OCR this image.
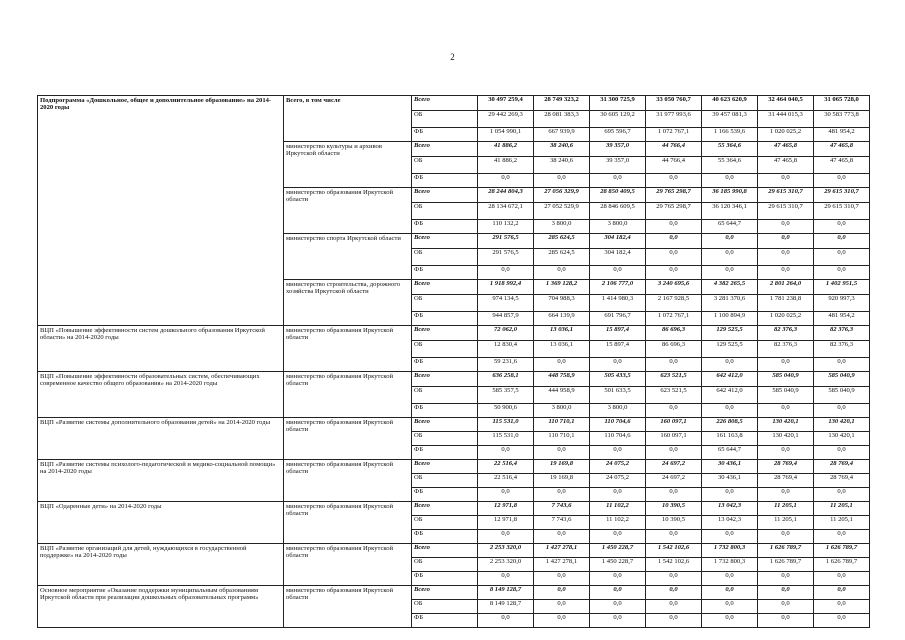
2
Подпрограмма «Дошкольное, общее и дополнительное образование» на 2014-2020 годы	Всего, в том числе	Всего	30 497 259,4	28 749 323,2	31 300 725,9	33 050 760,7	40 623 620,9	32 464 040,5	31 065 728,0
		ОБ	29 442 269,3	28 081 383,3	30 605 129,2	31 977 993,6	39 457 081,3	31 444 015,3	30 583 773,8
		ФБ	1 054 990,1	667 939,9	695 596,7	1 072 767,1	1 166 539,6	1 020 025,2	481 954,2
	министерство культуры и архивов Иркутской области	Всего	41 886,2	38 240,6	39 357,0	44 766,4	55 364,6	47 465,8	47 465,8
		ОБ	41 886,2	38 240,6	39 357,0	44 766,4	55 364,6	47 465,8	47 465,8
		ФБ	0,0	0,0	0,0	0,0	0,0	0,0	0,0
	министерство образования Иркутской области	Всего	28 244 804,3	27 056 329,9	28 850 409,5	29 765 298,7	36 185 990,8	29 615 310,7	29 615 310,7
		ОБ	28 134 672,1	27 052 529,9	28 846 609,5	29 765 298,7	36 120 346,1	29 615 310,7	29 615 310,7
		ФБ	110 132,2	3 800,0	3 800,0	0,0	65 644,7	0,0	0,0
	министерство спорта Иркутской области	Всего	291 576,5	285 624,5	304 182,4	0,0	0,0	0,0	0,0
		ОБ	291 576,5	285 624,5	304 182,4	0,0	0,0	0,0	0,0
		ФБ	0,0	0,0	0,0	0,0	0,0	0,0	0,0
	министерство строительства, дорожного хозяйства Иркутской области	Всего	1 918 992,4	1 369 128,2	2 106 777,0	3 240 695,6	4 382 265,5	2 801 264,0	1 402 951,5
		ОБ	974 134,5	704 988,3	1 414 980,3	2 167 928,5	3 281 370,6	1 781 238,8	920 997,3
		ФБ	944 857,9	664 139,9	691 796,7	1 072 767,1	1 100 894,9	1 020 025,2	481 954,2
ВЦП «Повышение эффективности систем дошкольного образования Иркутской области» на 2014-2020 годы	министерство образования Иркутской области	Всего	72 062,0	13 036,1	15 897,4	86 696,3	129 525,5	82 376,3	82 376,3
		ОБ	12 830,4	13 036,1	15 897,4	86 696,3	129 525,5	82 376,3	82 376,3
		ФБ	59 231,6	0,0	0,0	0,0	0,0	0,0	0,0
ВЦП «Повышение эффективности образовательных систем, обеспечивающих современное качество общего образования» на 2014-2020 годы	министерство образования Иркутской области	Всего	636 258,1	448 758,9	505 433,5	623 521,5	642 412,0	585 040,9	585 040,9
		ОБ	585 357,5	444 958,9	501 633,5	623 521,5	642 412,0	585 040,9	585 040,9
		ФБ	50 900,6	3 800,0	3 800,0	0,0	0,0	0,0	0,0
ВЦП «Развитие системы дополнительного образования детей» на 2014-2020 годы	министерство образования Иркутской области	Всего	115 531,0	110 710,1	110 704,6	160 097,1	226 808,5	130 420,1	130 420,1
		ОБ	115 531,0	110 710,1	110 704,6	160 097,1	161 163,8	130 420,1	130 420,1
		ФБ	0,0	0,0	0,0	0,0	65 644,7	0,0	0,0
ВЦП «Развитие системы психолого-педагогической и медико-социальной помощи» на 2014-2020 годы	министерство образования Иркутской области	Всего	22 516,4	19 169,8	24 075,2	24 697,2	30 436,1	28 769,4	28 769,4
		ОБ	22 516,4	19 169,8	24 075,2	24 697,2	30 436,1	28 769,4	28 769,4
		ФБ	0,0	0,0	0,0	0,0	0,0	0,0	0,0
ВЦП «Одаренные дети» на 2014-2020 годы	министерство образования Иркутской области	Всего	12 971,8	7 743,6	11 102,2	10 390,5	13 042,3	11 205,1	11 205,1
		ОБ	12 971,8	7 743,6	11 102,2	10 390,5	13 042,3	11 205,1	11 205,1
		ФБ	0,0	0,0	0,0	0,0	0,0	0,0	0,0
ВЦП «Развитие организаций для детей, нуждающихся в государственной поддержке» на 2014-2020 годы	министерство образования Иркутской области	Всего	2 253 320,0	1 427 278,1	1 450 228,7	1 542 102,6	1 732 800,3	1 626 789,7	1 626 789,7
		ОБ	2 253 320,0	1 427 278,1	1 450 228,7	1 542 102,6	1 732 800,3	1 626 789,7	1 626 789,7
		ФБ	0,0	0,0	0,0	0,0	0,0	0,0	0,0
Основное мероприятие «Оказание поддержки муниципальным образованиям Иркутской области при реализации дошкольных образовательных программ»	министерство образования Иркутской области	Всего	8 149 128,7	0,0	0,0	0,0	0,0	0,0	0,0
		ОБ	8 149 128,7	0,0	0,0	0,0	0,0	0,0	0,0
		ФБ	0,0	0,0	0,0	0,0	0,0	0,0	0,0
